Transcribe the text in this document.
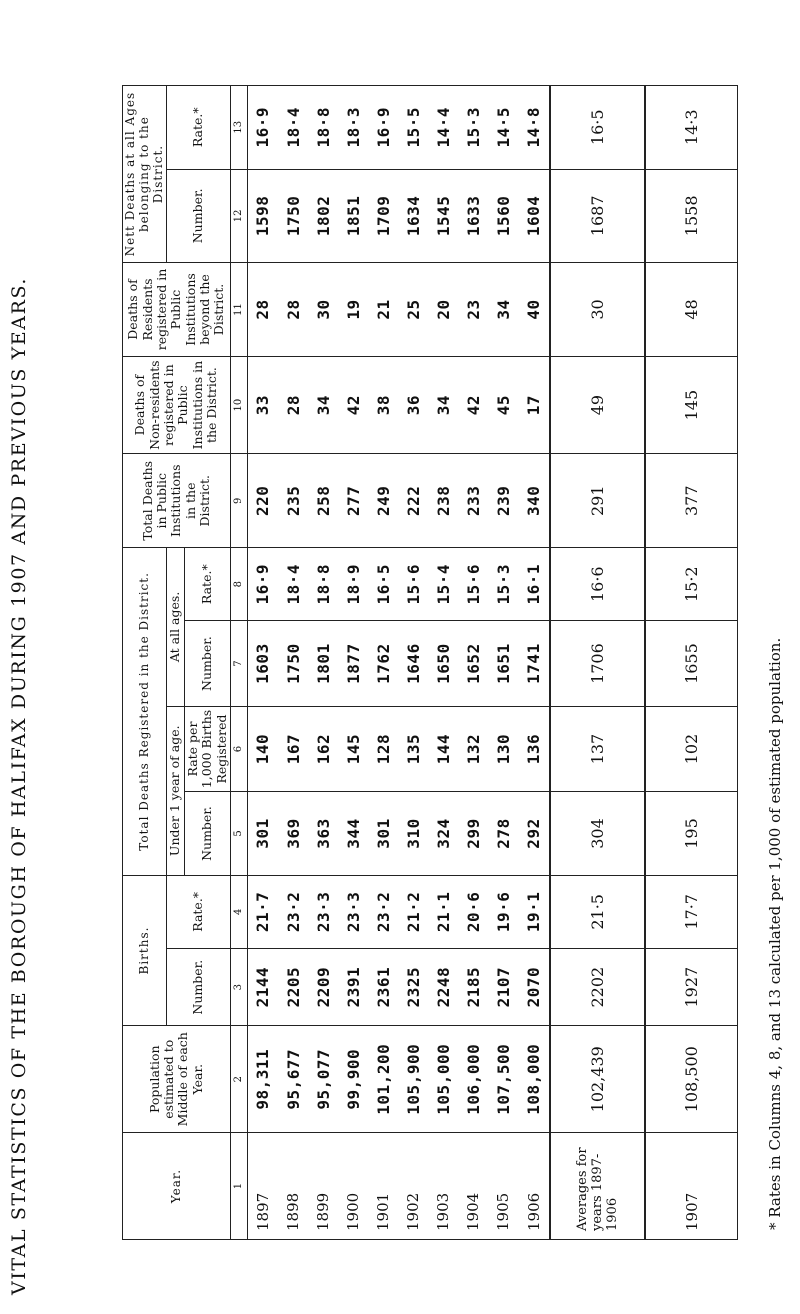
VITAL STATISTICS OF THE BOROUGH OF HALIFAX DURING 1907 AND PREVIOUS YEARS.	Year.	Population estimated to Middle of each Year.	Births.		Total Deaths Registered in the District.				Total Deaths in Public Institutions in the District.	Deaths of Non-residents registered in Public Institutions in the District.	Deaths of Residents registered in Public Institutions beyond the District.	Nett Deaths at all Ages belonging to the District.	
		Number.	Rate.*	Under 1 year of age.		At all ages.					Number.	Rate.*
				Number.	Rate per 1,000 Births Registered	Number.	Rate.*					
1	2	3	4	5	6	7	8	9	10	11	12	13
1897	98,311	2144	21·7	301	140	1603	16·9	220	33	28	1598	16·9
1898	95,677	2205	23·2	369	167	1750	18·4	235	28	28	1750	18·4
1899	95,077	2209	23·3	363	162	1801	18·8	258	34	30	1802	18·8
1900	99,900	2391	23·3	344	145	1877	18·9	277	42	19	1851	18·3
1901	101,200	2361	23·2	301	128	1762	16·5	249	38	21	1709	16·9
1902	105,900	2325	21·2	310	135	1646	15·6	222	36	25	1634	15·5
1903	105,000	2248	21·1	324	144	1650	15·4	238	34	20	1545	14·4
1904	106,000	2185	20·6	299	132	1652	15·6	233	42	23	1633	15·3
1905	107,500	2107	19·6	278	130	1651	15·3	239	45	34	1560	14·5
1906	108,000	2070	19·1	292	136	1741	16·1	340	17	40	1604	14·8
Averages for years 1897-1906	102,439	2202	21·5	304	137	1706	16·6	291	49	30	1687	16·5
1907	108,500	1927	17·7	195	102	1655	15·2	377	145	48	1558	14·3
* Rates in Columns 4, 8, and 13 calculated per 1,000 of estimated population.
